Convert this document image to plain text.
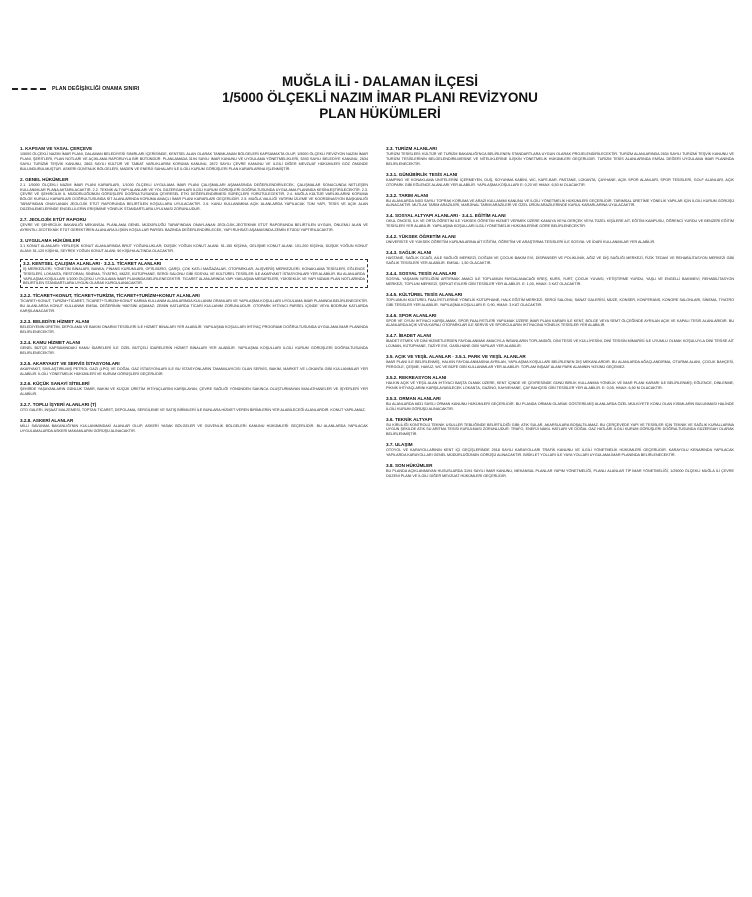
PLAN DEĞİŞİKLİĞİ ONAMA SINIRI	MUĞLA İLİ - DALAMAN İLÇESİ
1/5000 ÖLÇEKLİ NAZIM İMAR PLANI REVİZYONU
PLAN HÜKÜMLERİ
1. KAPSAM VE YASAL ÇERÇEVE
1/5000 ÖLÇEKLİ NAZIM İMAR PLANI, DALAMAN BELEDİYESİ SINIRLARI İÇERİSİNDE, KENTSEL ALAN OLARAK TANIMLANAN BÖLGELERİ KAPSAMAKTA OLUP, 1/5000 ÖLÇEKLİ REVİZYON NAZIM İMAR PLANI, ŞERİTLERİ, PLAN NOTLARI VE AÇIKLAMA RAPORUYLA BİR BÜTÜNDÜR. PLANLAMADA 3194 SAYILI İMAR KANUNU VE UYGULAMA YÖNETMELİKLERİ, 5393 SAYILI BELEDİYE KANUNU, 2634 SAYILI TURİZMİ TEŞVİK KANUNU, 2863 SAYILI KÜLTÜR VE TABİAT VARLIKLARINI KORUMA KANUNU, 2872 SAYILI ÇEVRE KANUNU VE İLGİLİ DİĞER MEVZUAT HÜKÜMLERİ GÖZ ÖNÜNDE BULUNDURULMUŞTUR. ASKERİ GÜVENLİK BÖLGELERİ, MADEN VE ENERJİ SAHALARI İLE İLGİLİ KURUM GÖRÜŞLERİ PLAN KARARLARINA İŞLENMİŞTİR.
2. GENEL HÜKÜMLER
2.1. 1/5000 ÖLÇEKLİ NAZIM İMAR PLANI KARARLARI, 1/1000 ÖLÇEKLİ UYGULAMA İMAR PLANI ÇALIŞMALARI AŞAMASINDA DEĞERLENDİRİLECEK, ÇALIŞMALAR SONUCUNDA NETLEŞEN KULLANIMLAR PLANA AKTARILACAKTIR. 2.2. TEKNİK ALTYAPI ALANLARI VE YOL GÜZERGAHLARI İLGİLİ KURUM GÖRÜŞLERİ DOĞRULTUSUNDA UYGULAMA PLANINDA KESİNLEŞTİRİLECEKTİR. 2.3. ÇEVRE VE ŞEHİRCİLİK İL MÜDÜRLÜĞÜNÜN GÖRÜŞLERİ DOĞRULTUSUNDA ÇEVRESEL ETKİ DEĞERLENDİRMESİ SÜREÇLERİ YÜRÜTÜLECEKTİR. 2.4. MUĞLA KÜLTÜR VARLIKLARINI KORUMA BÖLGE KURULU KARARLARI DOĞRULTUSUNDA SİT ALANLARINDA KORUMA AMAÇLI İMAR PLANI KARARLARI GEÇERLİDİR. 2.5. MUĞLA VALİLİĞİ YATIRIM İZLEME VE KOORDİNASYON BAŞKANLIĞI TARAFINDAN ONAYLANAN JEOLOJİK ETÜT RAPORUNDA BELİRTİLEN KOŞULLARA UYULACAKTIR. 2.6. KANU KULLANIMINA AÇIK ALANLARDA YAPILACAK TÜM YAPI, TESİS VE AÇIK ALAN DÜZENLEMELERİNDE ENGELLİLERİN ERİŞİMİNE YÖNELİK STANDARTLARA UYULMASI ZORUNLUDUR.
2.7. JEOLOJİK ETÜT RAPORU
ÇEVRE VE ŞEHİRCİLİK BAKANLIĞI MEKANSAL PLANLAMA GENEL MÜDÜRLÜĞÜ TARAFINDAN ONAYLANAN JEOLOJİK-JEOTEKNİK ETÜT RAPORUNDA BELİRTİLEN UYGUN, ÖNLEMLİ ALAN VE AYRINTILI JEOTEKNİK ETÜT GEREKTİREN ALANLARA İLİŞKİN KOŞULLAR PARSEL BAZINDA DEĞERLENDİRİLECEK, YAPI RUHSATI AŞAMASINDA ZEMİN ETÜDÜ YAPTIRILACAKTIR.
3. UYGULAMA HÜKÜMLERİ
3.1 KONUT ALANLARI: YERLEŞİK KONUT ALANLARINDA BRÜT YOĞUNLUKLAR; DÜŞÜK YOĞUN KONUT ALANI: 51-150 KİŞİ/HA, GELİŞME KONUT ALANI: 101-200 KİŞİ/HA, DÜŞÜK YOĞUN KONUT ALANI: 51-120 KİŞİ/HA, SEYREK YOĞUN KONUT ALANI: 50 KİŞİ/HA ALTINDA OLACAKTIR.
3.2. KENTSEL ÇALIŞMA ALANLARI · 3.2.1. TİCARET ALANLARI
İŞ MERKEZLERİ, YÖNETİM BİNALARI, BANKA, FİNANS KURUMLARI, OFİS-BÜRO, ÇARŞI, ÇOK KATLI MAĞAZALAR, OTOPARKLAR, ALIŞVERİŞ MERKEZLERİ, KONAKLAMA TESİSLERİ, EĞLENCE TESİSLERİ, LOKANTA, RESTORAN, SİNEMA, TİYATRO, MÜZE, KÜTÜPHANE, SERGİ SALONU GİBİ SOSYAL VE KÜLTÜREL TESİSLER İLE AKARYAKIT İSTASYONLARI YER ALABİLİR. BU ALANLARDA YAPILAŞMA KOŞULLARI 1/1000 ÖLÇEKLİ UYGULAMA İMAR PLANINDA BELİRLENECEKTİR. TİCARET ALANLARINDA YAPI YAKLAŞMA MESAFELERİ, YÜKSEKLİK VE YAPI NİZAMI PLAN NOTLARINDA BELİRTİLEN STANDARTLARA UYGUN OLARAK KURGULANACAKTIR.
3.2.2. TİCARET+KONUT, TİCARET+TURİZM, TİCARET+TURİZM+KONUT ALANLARI
TİCARET+KONUT, TURİZM+TİCARET, TİCARET+TURİZM+KONUT KARMA KULLANIM ALANLARINDA KULLANIM ORANLARI VE YAPILAŞMA KOŞULLARI UYGULAMA İMAR PLANINDA BELİRLENECEKTİR. BU ALANLARDA KONUT KULLANIMI EMSAL DEĞERİNİN %50'SİNİ AŞAMAZ; ZEMİN KATLARDA TİCARİ KULLANIM ZORUNLUDUR. OTOPARK İHTİYACI PARSEL İÇİNDE VEYA BODRUM KATLARDA KARŞILANACAKTIR.
3.2.3. BELEDİYE HİZMET ALANI
BELEDİYENİN ÜRETİM, DEPOLAMA VE BAKIM ONARIM TESİSLERİ İLE HİZMET BİNALARI YER ALABİLİR. YAPILAŞMA KOŞULLARI İHTİYAÇ PROGRAMI DOĞRULTUSUNDA UYGULAMA İMAR PLANINDA BELİRLENECEKTİR.
3.2.4. KAMU HİZMET ALANI
GENEL BÜTÇE KAPSAMINDAKİ KAMU İDARELERİ İLE ÖZEL BÜTÇELİ İDARELERİN HİZMET BİNALARI YER ALABİLİR. YAPILAŞMA KOŞULLARI İLGİLİ KURUM GÖRÜŞLERİ DOĞRULTUSUNDA BELİRLENECEKTİR.
3.2.5. AKARYAKIT VE SERVİS İSTASYONLARI
AKARYAKIT, SIVILAŞTIRILMIŞ PETROL GAZI (LPG) VE DOĞAL GAZ İSTASYONLARI İLE BU İSTASYONLARIN TAMAMLAYICISI OLAN SERVİS, BAKIM, MARKET VE LOKANTA GİBİ KULLANIMLAR YER ALABİLİR. İLGİLİ YÖNETMELİK HÜKÜMLERİ VE KURUM GÖRÜŞLERİ GEÇERLİDİR.
3.2.6. KÜÇÜK SANAYİ SİTELERİ
ŞEHİRDE YAŞAYANLARIN GÜNLÜK TAMİR, BAKIM VE KÜÇÜK ÜRETİM İHTİYAÇLARINI KARŞILAYAN, ÇEVRE SAĞLIĞI YÖNÜNDEN SAKINCA OLUŞTURMAYAN İMALATHANELER VE İŞYERLERİ YER ALABİLİR.
3.2.7. TOPLU İŞYERİ ALANLARI (T)
OTO GALERİ, İNŞAAT MALZEMESİ, TOPTAN TİCARET, DEPOLAMA, SERGİLEME VE SATIŞ BİRİMLERİ İLE BUNLARA HİZMET VEREN BİRİMLERİN YER ALABİLECEĞİ ALANLARDIR. KONUT YAPILAMAZ.
3.2.8. ASKERİ ALANLAR
MİLLİ SAVUNMA BAKANLIĞI'NIN KULLANIMINDAKİ ALANLAR OLUP, ASKERİ YASAK BÖLGELER VE GÜVENLİK BÖLGELERİ KANUNU HÜKÜMLERİ GEÇERLİDİR. BU ALANLARDA YAPILACAK UYGULAMALARDA ASKERİ MAKAMLARIN GÖRÜŞÜ ALINACAKTIR.
3.3. TURİZM ALANLARI
TURİZM TESİSLERİ; KÜLTÜR VE TURİZM BAKANLIĞI'NCA BELİRLENEN STANDARTLARA UYGUN OLARAK PROJELENDİRİLECEKTİR. TURİZM ALANLARINDA 2634 SAYILI TURİZMİ TEŞVİK KANUNU VE TURİZM TESİSLERİNİN BELGELENDİRİLMESİNE VE NİTELİKLERİNE İLİŞKİN YÖNETMELİK HÜKÜMLERİ GEÇERLİDİR. TURİZM TESİS ALANLARINDA EMSAL DEĞERİ UYGULAMA İMAR PLANINDA BELİRLENECEKTİR.
3.3.1. GÜNÜBİRLİK TESİS ALANI
KAMPING VE KONAKLAMA ÜNİTELERİNİ İÇERMEYEN, DUŞ, SOYUNMA KABİNİ, WC, KAFE-BAR, PASTANE, LOKANTA, ÇAYHANE, AÇIK SPOR ALANLARI, SPOR TESİSLERİ, GOLF ALANLARI, AÇIK OTOPARK GİBİ EĞLENCE ALANLARI YER ALABİLİR. YAPILAŞMA KOŞULLARI E: 0,20 VE HMAX: 6,50 M OLACAKTIR.
3.3.2. TARIM ALANI
BU ALANLARDA 5403 SAYILI TOPRAK KORUMA VE ARAZİ KULLANIMI KANUNU VE İLGİLİ YÖNETMELİK HÜKÜMLERİ GEÇERLİDİR. TARIMSAL ÜRETİME YÖNELİK YAPILAR İÇİN İLGİLİ KURUM GÖRÜŞÜ ALINACAKTIR. MUTLAK TARIM ARAZİLERİ, MARJİNAL TARIM ARAZİLERİ VE ÖZEL ÜRÜN ARAZİLERİNDE KURUL KARARLARINA UYULACAKTIR.
3.4. SOSYAL ALTYAPI ALANLARI · 3.4.1. EĞİTİM ALANI
OKUL ÖNCESİ, İLK VE ORTA ÖĞRETİM İLE YÜKSEK ÖĞRETİM HİZMET VERMEK ÜZERE KAMUYA VEYA GERÇEK VEYA TÜZEL KİŞİLERE AİT, EĞİTİM KAMPUSU, ÖĞRENCİ YURDU VE BENZERİ EĞİTİM TESİSLERİ YER ALABİLİR. YAPILAŞMA KOŞULLARI İLGİLİ YÖNETMELİK HÜKÜMLERİNE GÖRE BELİRLENECEKTİR.
3.4.2. YÜKSEK ÖĞRETİM ALANI
ÜNİVERSİTE VE YÜKSEK ÖĞRETİM KURUMLARINA AİT EĞİTİM, ÖĞRETİM VE ARAŞTIRMA TESİSLERİ İLE SOSYAL VE İDARİ KULLANIMLAR YER ALABİLİR.
3.4.3. SAĞLIK ALANI
HASTANE, SAĞLIK OCAĞI, AİLE SAĞLIĞI MERKEZİ, DOĞUM VE ÇOCUK BAKIM EVİ, DİSPANSER VE POLİKLİNİK, AĞIZ VE DİŞ SAĞLIĞI MERKEZİ, FİZİK TEDAVİ VE REHABİLİTASYON MERKEZİ GİBİ SAĞLIK TESİSLERİ YER ALABİLİR. EMSAL: 1,50 OLACAKTIR.
3.4.4. SOSYAL TESİS ALANLARI
SOSYAL YAŞAMIN NİTELİĞİNİ ARTIRMAK AMACI İLE TOPLUMUN FAYDALANACAĞI KREŞ, KURS, YURT, ÇOCUK YUVASI, YETİŞTİRME YURDU, YAŞLI VE ENGELLİ BAKIMEVİ, REHABİLİTASYON MERKEZİ, TOPLUM MERKEZİ, ŞEFKAT EVLERİ GİBİ TESİSLER YER ALABİLİR. E: 1,00, HMAX: 3 KAT OLACAKTIR.
3.4.5. KÜLTÜREL TESİS ALANLARI
TOPLUMUN KÜLTÜREL FAALİYETLERİNE YÖNELİK KÜTÜPHANE, HALK EĞİTİM MERKEZİ, SERGİ SALONU, SANAT GALERİSİ, MÜZE, KONSER, KONFERANS, KONGRE SALONLARI, SİNEMA, TİYATRO GİBİ TESİSLER YER ALABİLİR. YAPILAŞMA KOŞULLARI E: 0,90, HMAX: 3 KAT OLACAKTIR.
3.4.6. SPOR ALANLARI
SPOR VE OYUN İHTİYACI KARŞILAMAK, SPOR FAALİYETLERİ YAPILMAK ÜZERE İMAR PLANI KARARI İLE KENT, BÖLGE VEYA SEMT ÖLÇEĞİNDE AYRILAN AÇIK VE KAPALI TESİS ALANLARIDIR. BU ALANLARDA AÇIK VEYA KAPALI OTOPARKLAR İLE SERVİS VE SPORCULARIN İHTİYACINA YÖNELİK TESİSLER YER ALABİLİR.
3.4.7. İBADET ALANI
İBADET ETMEK VE DİNİ HİZMETLERDEN FAYDALANMAK AMACIYLA İNSANLARIN TOPLANDIĞI, DİNİ TESİS VE KÜLLİYESİNİ, DİNİ TESİSİN MİMARİSİ İLE UYUMLU OLMAK KOŞULUYLA DİNİ TESİSE AİT LOJMAN, KÜTÜPHANE, TAZİYE EVİ, GASİLHANE GİBİ YAPILAR YER ALABİLİR.
3.5. AÇIK VE YEŞİL ALANLAR · 3.5.1. PARK VE YEŞİL ALANLAR
İMAR PLANI İLE BELİRLENMİŞ, HALKIN FAYDALANMASINA AYRILAN, YAPILAŞMA KOŞULLARI BELİRLENEN DIŞ MEKANLARDIR. BU ALANLARDA AĞAÇLANDIRMA, OTURMA ALANI, ÇOCUK BAHÇESİ, PERGOLE, ÇEŞME, HAVUZ, WC VE BÜFE GİBİ KULLANIMLAR YER ALABİLİR. TOPLAM İNŞAAT ALANI PARK ALANININ %3'ÜNÜ GEÇEMEZ.
3.5.2. REKREASYON ALANI
HALKIN AÇIK VE YEŞİL ALAN İHTİYACI BAŞTA OLMAK ÜZERE, KENT İÇİNDE VE ÇEVRESİNDE GÜNÜ BİRLİK KULLANIMA YÖNELİK VE İMAR PLANI KARARI İLE BELİRLENMİŞ; EĞLENCE, DİNLENME, PİKNİK İHTİYAÇLARINI KARŞILAYABİLECEK LOKANTA, GAZİNO, KAHVEHANE, ÇAY BAHÇESİ GİBİ TESİSLER YER ALABİLİR. E: 0,05, HMAX: 6,50 M OLACAKTIR.
3.5.3. ORMAN ALANLARI
BU ALANLARDA 6831 SAYILI ORMAN KANUNU HÜKÜMLERİ GEÇERLİDİR. BU PLANDA ORMAN OLARAK GÖSTERİLMİŞ ALANLARDA ÖZEL MÜLKİYETE KONU OLAN KISIMLARIN BULUNMASI HALİNDE İLGİLİ KURUM GÖRÜŞÜ ALINACAKTIR.
3.6. TEKNİK ALTYAPI
SU KİRLİLİĞİ KONTROLÜ TEKNİK USULLER TEBLİĞİNDE BELİRTİLDİĞİ GİBİ; ATIK SULAR, AKARSULARA BOŞALTILAMAZ. BU ÇERÇEVEDE YAPI VE TESİSLER İÇİN TEKNİK VE SAĞLIK KURALLARINA UYGUN ŞEKİLDE ATIK SU ARITMA TESİSİ KURULMASI ZORUNLUDUR. TRAFO, ENERJİ NAKİL HATLARI VE DOĞAL GAZ HATLARI İLGİLİ KURUM GÖRÜŞLERİ DOĞRULTUSUNDA GÜZERGAH OLARAK BELİRLENMİŞTİR.
3.7. ULAŞIM
OTOYOL VE KARAYOLLARININ KENT İÇİ GEÇİŞLERİNDE 2918 SAYILI KARAYOLLARI TRAFİK KANUNU VE İLGİLİ YÖNETMELİK HÜKÜMLERİ GEÇERLİDİR. KARAYOLU KENARINDA YAPILACAK YAPILARDA KARAYOLLARI GENEL MÜDÜRLÜĞÜNÜN GÖRÜŞÜ ALINACAKTIR. BİSİKLET YOLLARI İLE YAYA YOLLARI UYGULAMA İMAR PLANINDA BELİRLENECEKTİR.
3.8. SON HÜKÜMLER
BU PLANDA AÇIKLANMAYAN HUSUSLARDA 3194 SAYILI İMAR KANUNU, MEKANSAL PLANLAR YAPIM YÖNETMELİĞİ, PLANLI ALANLAR TİP İMAR YÖNETMELİĞİ, 1/25000 ÖLÇEKLİ MUĞLA İLİ ÇEVRE DÜZENİ PLANI VE İLGİLİ DİĞER MEVZUAT HÜKÜMLERİ GEÇERLİDİR.
